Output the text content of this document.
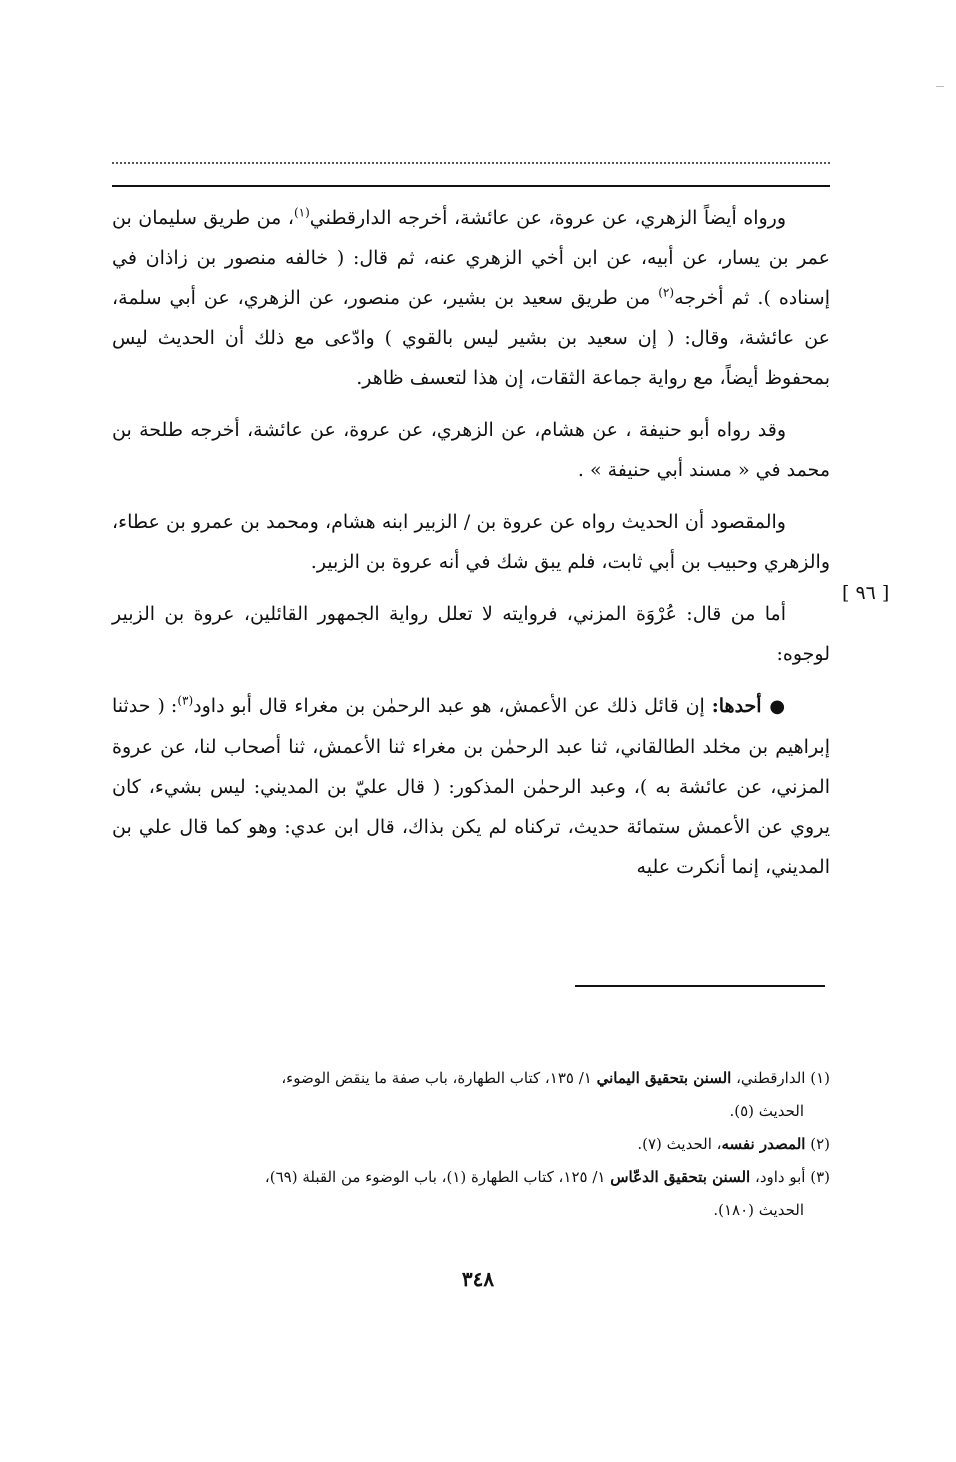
[ ٩٦ ]

ورواه أيضاً الزهري، عن عروة، عن عائشة، أخرجه الدارقطني$^{(١)}$، من طريق سليمان بن عمر بن يسار، عن أبيه، عن ابن أخي الزهري عنه، ثم قال: ( خالفه منصور بن زاذان في إسناده ). ثم أخرجه$^{(٢)}$ من طريق سعيد بن بشير، عن منصور، عن الزهري، عن أبي سلمة، عن عائشة، وقال: ( إن سعيد بن بشير ليس بالقوي ) وادّعى مع ذلك أن الحديث ليس بمحفوظ أيضاً، مع رواية جماعة الثقات، إن هذا لتعسف ظاهر.

وقد رواه أبو حنيفة ، عن هشام، عن الزهري، عن عروة، عن عائشة، أخرجه طلحة بن محمد في « مسند أبي حنيفة » .

والمقصود أن الحديث رواه عن عروة بن / الزبير ابنه هشام، ومحمد بن عمرو بن عطاء، والزهري وحبيب بن أبي ثابت، فلم يبق شك في أنه عروة بن الزبير.

أما من قال: عُرْوَة المزني، فروايته لا تعلل رواية الجمهور القائلين، عروة بن الزبير لوجوه:

● أحدها: إن قائل ذلك عن الأعمش، هو عبد الرحمٰن بن مغراء قال أبو داود$^{(٣)}$: ( حدثنا إبراهيم بن مخلد الطالقاني، ثنا عبد الرحمٰن بن مغراء ثنا الأعمش، ثنا أصحاب لنا، عن عروة المزني، عن عائشة به )، وعبد الرحمٰن المذكور: ( قال عليّ بن المديني: ليس بشيء، كان يروي عن الأعمش ستمائة حديث، تركناه لم يكن بذاك، قال ابن عدي: وهو كما قال علي بن المديني، إنما أنكرت عليه

(١) الدارقطني، السنن بتحقيق اليماني ١/ ١٣٥، كتاب الطهارة، باب صفة ما ينقض الوضوء،
الحديث (٥).

(٢) المصدر نفسه، الحديث (٧).

(٣) أبو داود، السنن بتحقيق الدعّاس ١/ ١٢٥، كتاب الطهارة (١)، باب الوضوء من القبلة (٦٩)،
الحديث (١٨٠).

٣٤٨
